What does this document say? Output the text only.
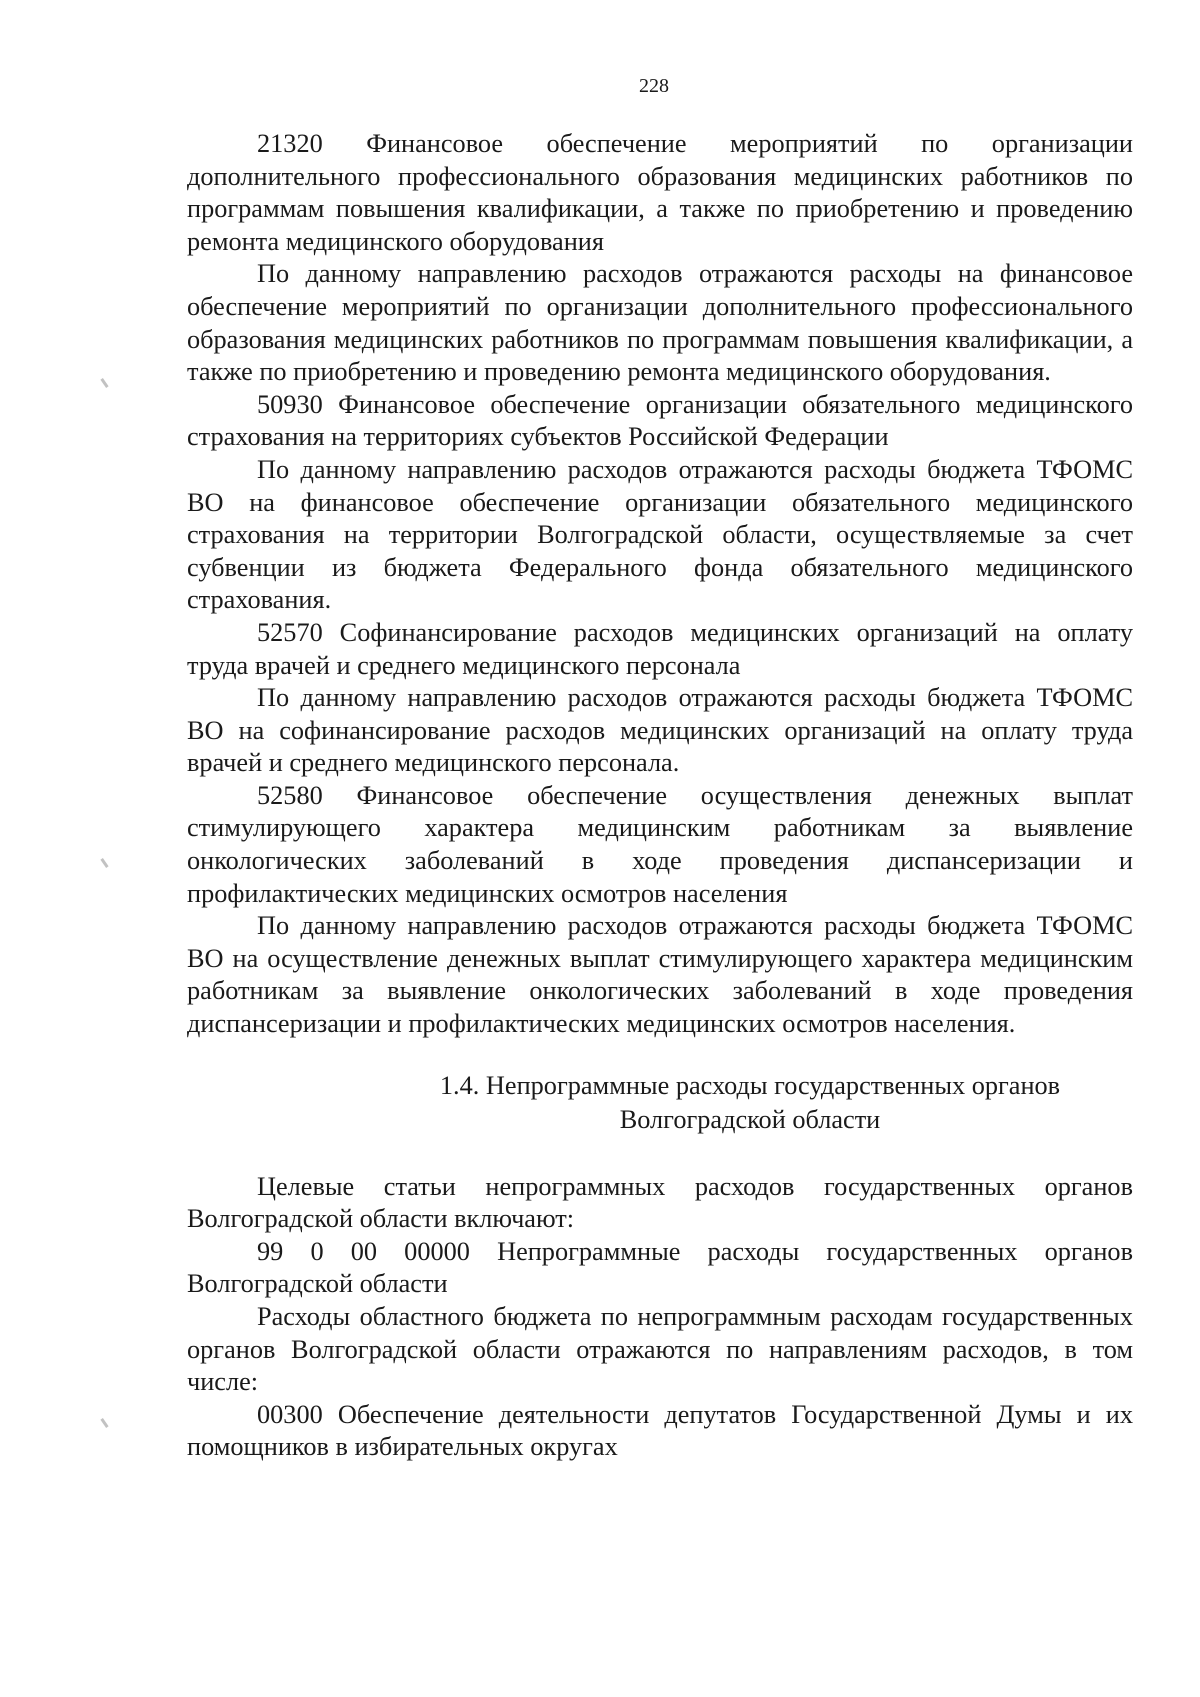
228

21320 Финансовое обеспечение мероприятий по организации дополнительного профессионального образования медицинских работников по программам повышения квалификации, а также по приобретению и проведению ремонта медицинского оборудования

По данному направлению расходов отражаются расходы на финансовое обеспечение мероприятий по организации дополнительного профессионального образования медицинских работников по программам повышения квалификации, а также по приобретению и проведению ремонта медицинского оборудования.

50930 Финансовое обеспечение организации обязательного медицинского страхования на территориях субъектов Российской Федерации

По данному направлению расходов отражаются расходы бюджета ТФОМС ВО на финансовое обеспечение организации обязательного медицинского страхования на территории Волгоградской области, осуществляемые за счет субвенции из бюджета Федерального фонда обязательного медицинского страхования.

52570 Софинансирование расходов медицинских организаций на оплату труда врачей и среднего медицинского персонала

По данному направлению расходов отражаются расходы бюджета ТФОМС ВО на софинансирование расходов медицинских организаций на оплату труда врачей и среднего медицинского персонала.

52580 Финансовое обеспечение осуществления денежных выплат стимулирующего характера медицинским работникам за выявление онкологических заболеваний в ходе проведения диспансеризации и профилактических медицинских осмотров населения

По данному направлению расходов отражаются расходы бюджета ТФОМС ВО на осуществление денежных выплат стимулирующего характера медицинским работникам за выявление онкологических заболеваний в ходе проведения диспансеризации и профилактических медицинских осмотров населения.

1.4. Непрограммные расходы государственных органов
Волгоградской области

Целевые статьи непрограммных расходов государственных органов Волгоградской области включают:

99 0 00 00000 Непрограммные расходы государственных органов Волгоградской области

Расходы областного бюджета по непрограммным расходам государственных органов Волгоградской области отражаются по направлениям расходов, в том числе:

00300 Обеспечение деятельности депутатов Государственной Думы и их помощников в избирательных округах
